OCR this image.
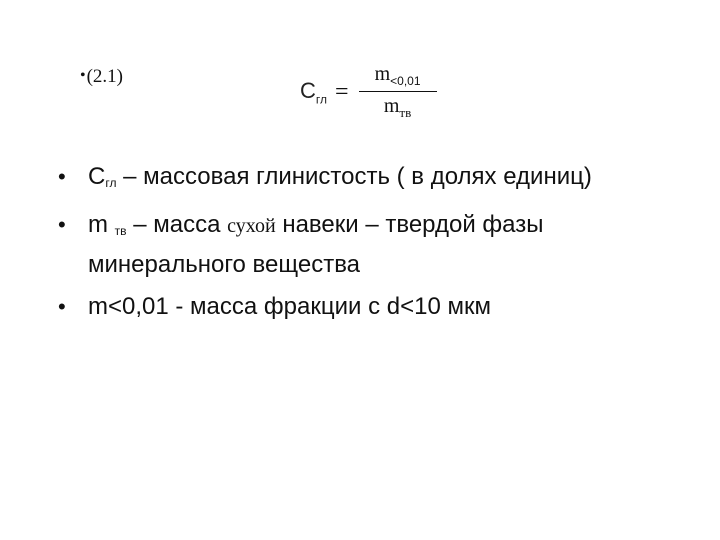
•(2.1)
$C_{гл} = \frac{m_{<0,01}}{m_{тв}}$
• $C_{гл}$ – массовая глинистость ( в долях единиц)
• m $_{тв}$ – масса сухой навеки – твердой фазы минерального вещества
• m<0,01 - масса фракции с d<10 мкм
